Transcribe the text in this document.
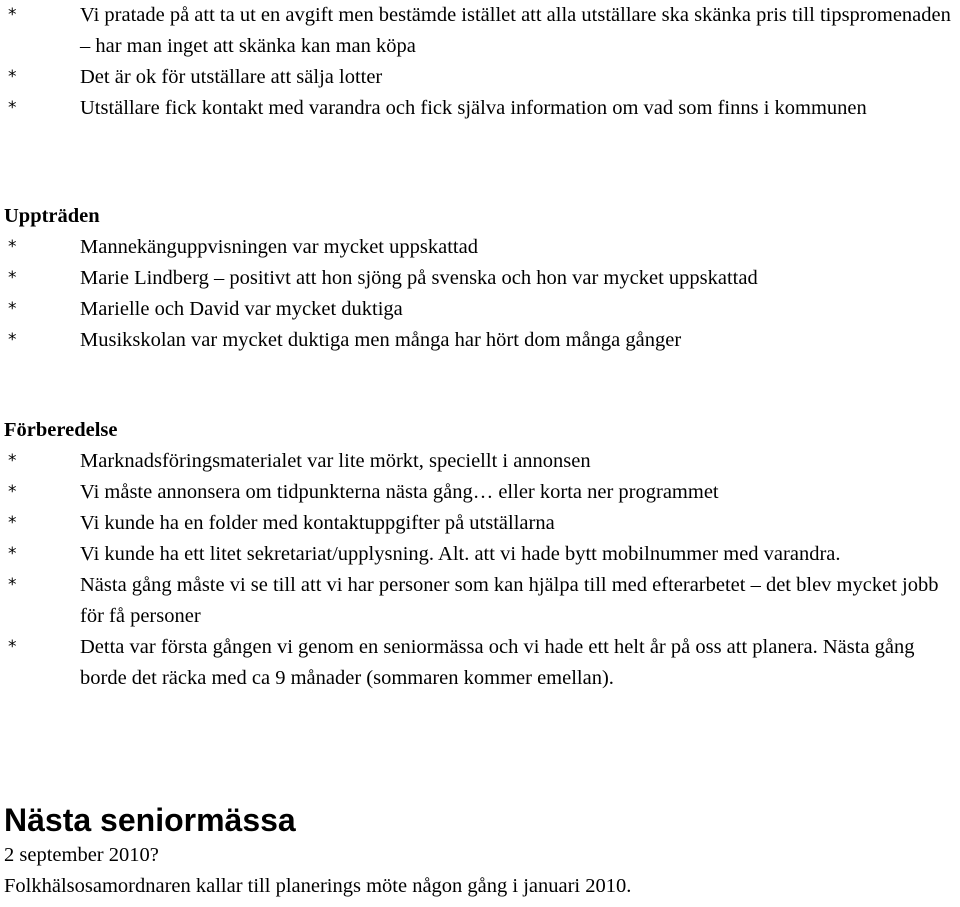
*	Vi pratade på att ta ut en avgift men bestämde istället att alla utställare ska skänka pris till tipspromenaden – har man inget att skänka kan man köpa
*	Det är ok för utställare att sälja lotter
*	Utställare fick kontakt med varandra och fick själva information om vad som finns i kommunen
Uppträden
*	Mannekänguppvisningen var mycket uppskattad
*	Marie Lindberg – positivt att hon sjöng på svenska och hon var mycket uppskattad
*	Marielle och David var mycket duktiga
*	Musikskolan var mycket duktiga men många har hört dom många gånger
Förberedelse
*	Marknadsföringsmaterialet var lite mörkt, speciellt i annonsen
*	Vi måste annonsera om tidpunkterna nästa gång… eller korta ner programmet
*	Vi kunde ha en folder med kontaktuppgifter på utställarna
*	Vi kunde ha ett litet sekretariat/upplysning. Alt. att vi hade bytt mobilnummer med varandra.
*	Nästa gång måste vi se till att vi har personer som kan hjälpa till med efterarbetet – det blev mycket jobb för få personer
*	Detta var första gången vi genom en seniormässa och vi hade ett helt år på oss att planera. Nästa gång borde det räcka med ca 9 månader (sommaren kommer emellan).
Nästa seniormässa
2 september 2010?
Folkhälsosamordnaren kallar till planerings möte någon gång i januari 2010.
